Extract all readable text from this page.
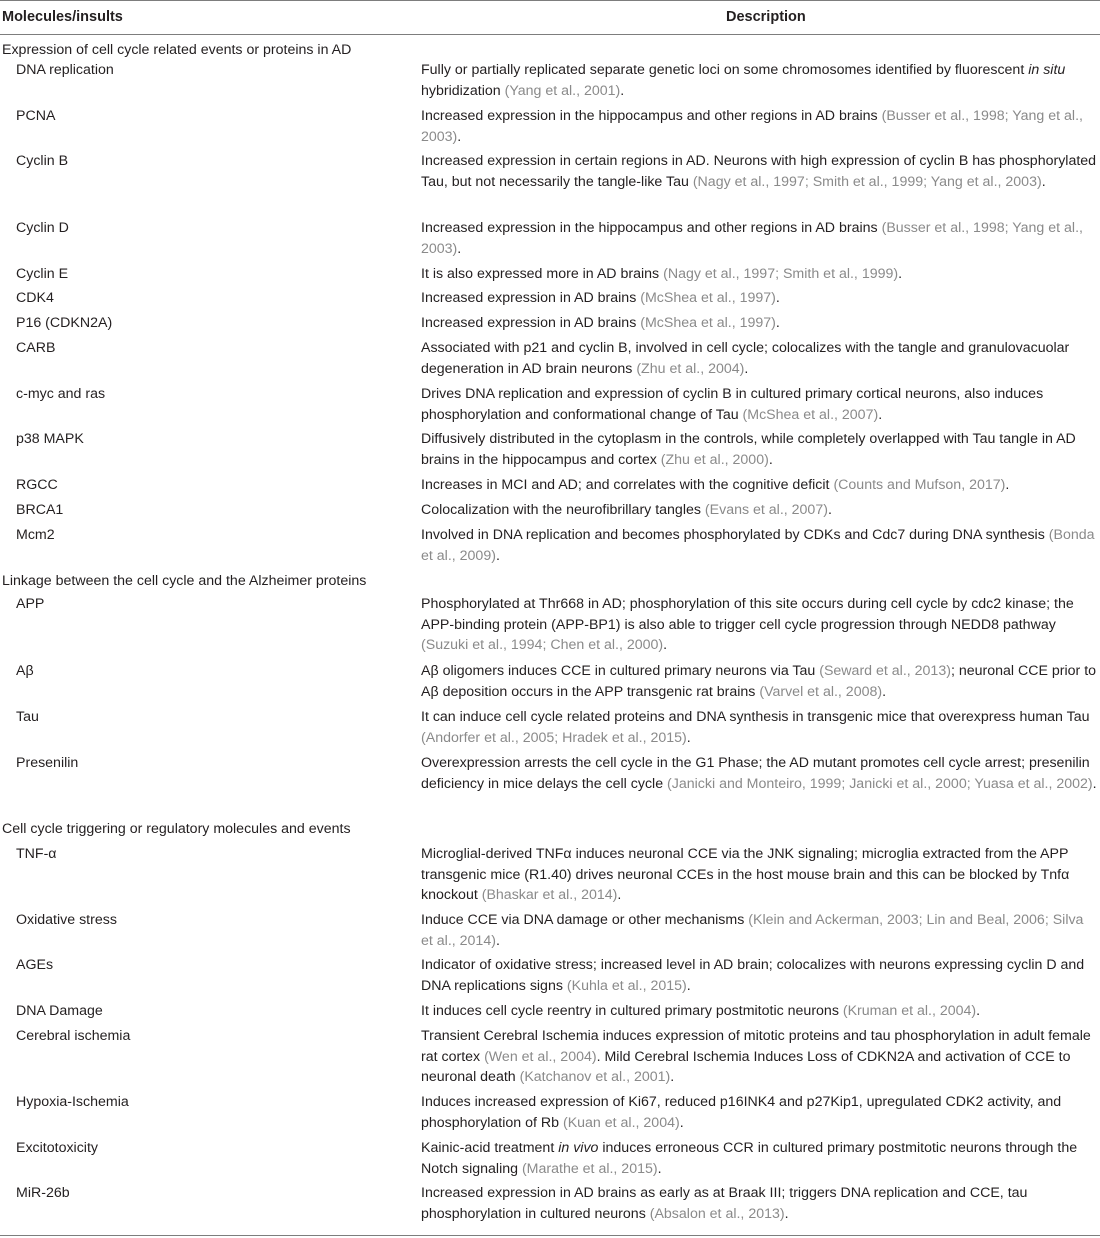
Molecules/insults	Description
Expression of cell cycle related events or proteins in AD
DNA replication	Fully or partially replicated separate genetic loci on some chromosomes identified by fluorescent in situ hybridization (Yang et al., 2001).
PCNA	Increased expression in the hippocampus and other regions in AD brains (Busser et al., 1998; Yang et al., 2003).
Cyclin B	Increased expression in certain regions in AD. Neurons with high expression of cyclin B has phosphorylated Tau, but not necessarily the tangle-like Tau (Nagy et al., 1997; Smith et al., 1999; Yang et al., 2003).
Cyclin D	Increased expression in the hippocampus and other regions in AD brains (Busser et al., 1998; Yang et al., 2003).
Cyclin E	It is also expressed more in AD brains (Nagy et al., 1997; Smith et al., 1999).
CDK4	Increased expression in AD brains (McShea et al., 1997).
P16 (CDKN2A)	Increased expression in AD brains (McShea et al., 1997).
CARB	Associated with p21 and cyclin B, involved in cell cycle; colocalizes with the tangle and granulovacuolar degeneration in AD brain neurons (Zhu et al., 2004).
c-myc and ras	Drives DNA replication and expression of cyclin B in cultured primary cortical neurons, also induces phosphorylation and conformational change of Tau (McShea et al., 2007).
p38 MAPK	Diffusively distributed in the cytoplasm in the controls, while completely overlapped with Tau tangle in AD brains in the hippocampus and cortex (Zhu et al., 2000).
RGCC	Increases in MCI and AD; and correlates with the cognitive deficit (Counts and Mufson, 2017).
BRCA1	Colocalization with the neurofibrillary tangles (Evans et al., 2007).
Mcm2	Involved in DNA replication and becomes phosphorylated by CDKs and Cdc7 during DNA synthesis (Bonda et al., 2009).
Linkage between the cell cycle and the Alzheimer proteins
APP	Phosphorylated at Thr668 in AD; phosphorylation of this site occurs during cell cycle by cdc2 kinase; the APP-binding protein (APP-BP1) is also able to trigger cell cycle progression through NEDD8 pathway (Suzuki et al., 1994; Chen et al., 2000).
Aβ	Aβ oligomers induces CCE in cultured primary neurons via Tau (Seward et al., 2013); neuronal CCE prior to Aβ deposition occurs in the APP transgenic rat brains (Varvel et al., 2008).
Tau	It can induce cell cycle related proteins and DNA synthesis in transgenic mice that overexpress human Tau (Andorfer et al., 2005; Hradek et al., 2015).
Presenilin	Overexpression arrests the cell cycle in the G1 Phase; the AD mutant promotes cell cycle arrest; presenilin deficiency in mice delays the cell cycle (Janicki and Monteiro, 1999; Janicki et al., 2000; Yuasa et al., 2002).
Cell cycle triggering or regulatory molecules and events
TNF-α	Microglial-derived TNFα induces neuronal CCE via the JNK signaling; microglia extracted from the APP transgenic mice (R1.40) drives neuronal CCEs in the host mouse brain and this can be blocked by Tnfα knockout (Bhaskar et al., 2014).
Oxidative stress	Induce CCE via DNA damage or other mechanisms (Klein and Ackerman, 2003; Lin and Beal, 2006; Silva et al., 2014).
AGEs	Indicator of oxidative stress; increased level in AD brain; colocalizes with neurons expressing cyclin D and DNA replications signs (Kuhla et al., 2015).
DNA Damage	It induces cell cycle reentry in cultured primary postmitotic neurons (Kruman et al., 2004).
Cerebral ischemia	Transient Cerebral Ischemia induces expression of mitotic proteins and tau phosphorylation in adult female rat cortex (Wen et al., 2004). Mild Cerebral Ischemia Induces Loss of CDKN2A and activation of CCE to neuronal death (Katchanov et al., 2001).
Hypoxia-Ischemia	Induces increased expression of Ki67, reduced p16INK4 and p27Kip1, upregulated CDK2 activity, and phosphorylation of Rb (Kuan et al., 2004).
Excitotoxicity	Kainic-acid treatment in vivo induces erroneous CCR in cultured primary postmitotic neurons through the Notch signaling (Marathe et al., 2015).
MiR-26b	Increased expression in AD brains as early as at Braak III; triggers DNA replication and CCE, tau phosphorylation in cultured neurons (Absalon et al., 2013).
